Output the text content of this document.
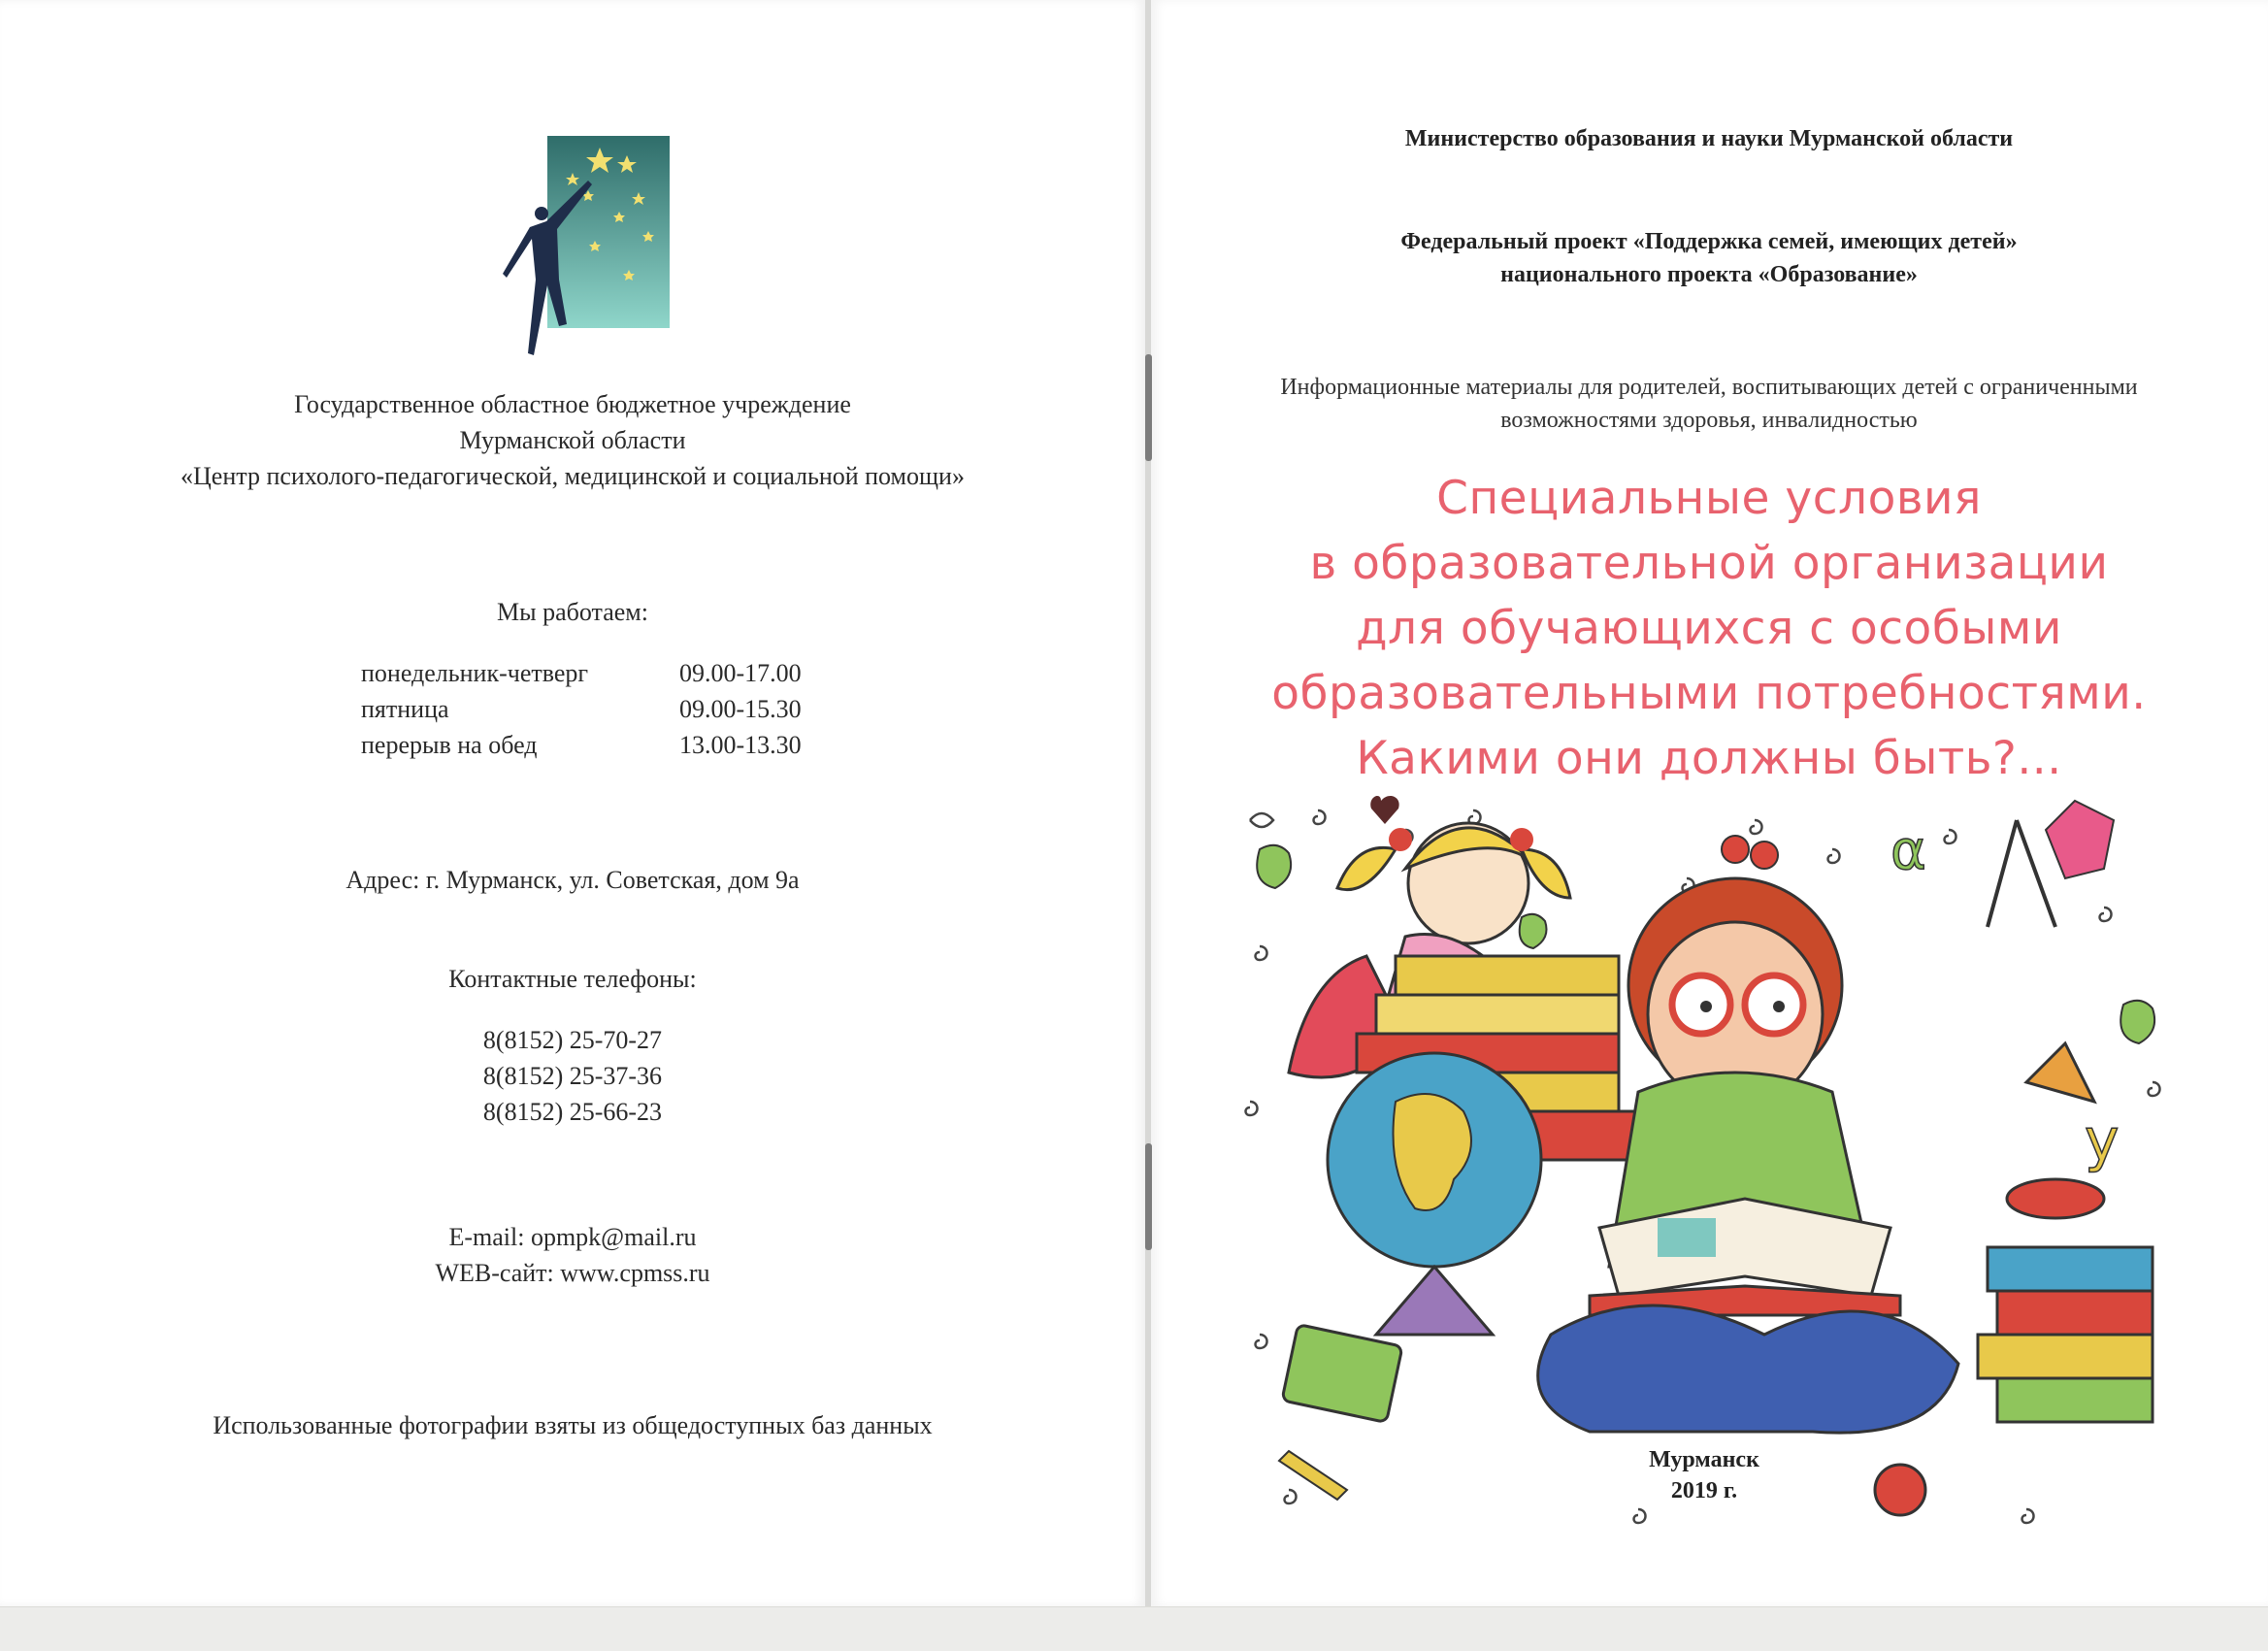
Государственное областное бюджетное учреждение
Мурманской области
«Центр психолого-педагогической, медицинской и социальной помощи»
Мы работаем:
понедельник-четверг	09.00-17.00
пятница	09.00-15.30
перерыв на обед	13.00-13.30
Адрес: г. Мурманск, ул. Советская, дом 9а
Контактные телефоны:
8(8152) 25-70-27
8(8152) 25-37-36
8(8152) 25-66-23
E-mail: opmpk@mail.ru
WEB-сайт: www.cpmss.ru
Использованные фотографии взяты из общедоступных баз данных
Министерство образования и науки Мурманской области
Федеральный проект «Поддержка семей, имеющих детей»
национального проекта «Образование»
Информационные материалы для родителей, воспитывающих детей с ограниченными
возможностями здоровья, инвалидностью
Специальные условия
в образовательной организации
для обучающихся с особыми
образовательными потребностями.
Какими они должны быть?...
α
y
Мурманск
2019 г.
